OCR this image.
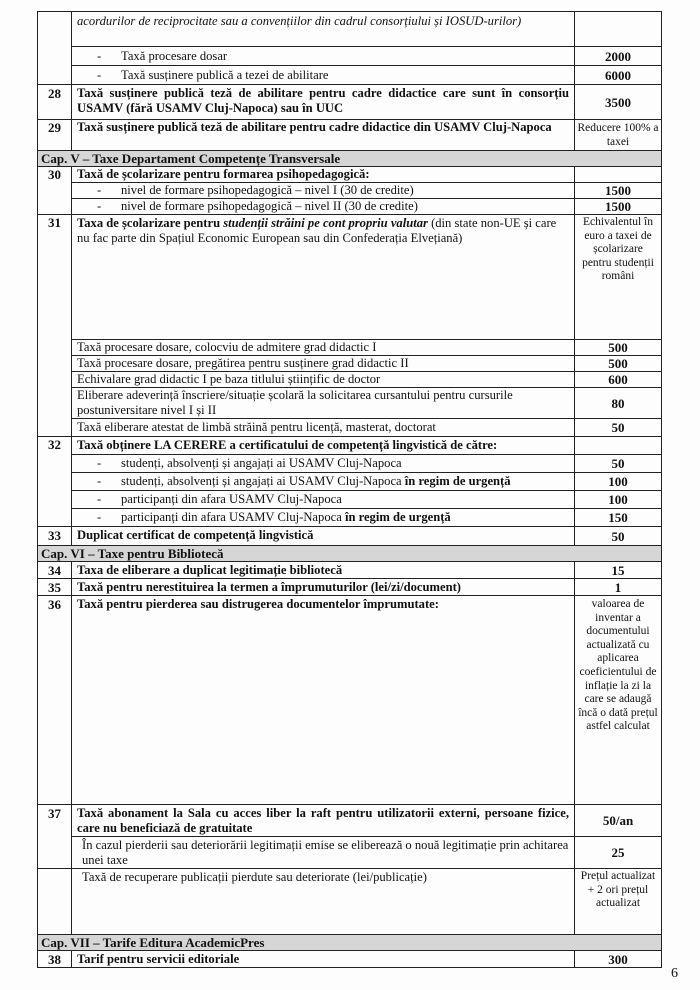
	acordurilor de reciprocitate sau a convențiilor din cadrul consorțiului și IOSUD-urilor)	
	- Taxă procesare dosar	2000
	- Taxă susținere publică a tezei de abilitare	6000
28	Taxă susținere publică teză de abilitare pentru cadre didactice care sunt în consorțiu USAMV (fără USAMV Cluj-Napoca) sau în UUC	3500
29	Taxă susținere publică teză de abilitare pentru cadre didactice din USAMV Cluj-Napoca	Reducere 100% a taxei
Cap. V – Taxe Departament Competențe Transversale		
30	Taxă de școlarizare pentru formarea psihopedagogică:	
	- nivel de formare psihopedagogică – nivel I (30 de credite)	1500
	- nivel de formare psihopedagogică – nivel II (30 de credite)	1500
31	Taxa de școlarizare pentru studenții străini pe cont propriu valutar (din state non-UE și care nu fac parte din Spațiul Economic European sau din Confederația Elvețiană)	Echivalentul în euro a taxei de școlarizare pentru studenții români
	Taxă procesare dosare, colocviu de admitere grad didactic I	500
	Taxă procesare dosare, pregătirea pentru susținere grad didactic II	500
	Echivalare grad didactic I pe baza titlului științific de doctor	600
	Eliberare adeverință înscriere/situație școlară la solicitarea cursantului pentru cursurile postuniversitare nivel I și II	80
	Taxă eliberare atestat de limbă străină pentru licență, masterat, doctorat	50
32	Taxă obținere LA CERERE a certificatului de competență lingvistică de către:	
	- studenți, absolvenți și angajați ai USAMV Cluj-Napoca	50
	- studenți, absolvenți și angajați ai USAMV Cluj-Napoca în regim de urgență	100
	- participanți din afara USAMV Cluj-Napoca	100
	- participanți din afara USAMV Cluj-Napoca în regim de urgență	150
33	Duplicat certificat de competență lingvistică	50
Cap. VI – Taxe pentru Bibliotecă		
34	Taxa de eliberare a duplicat legitimație bibliotecă	15
35	Taxă pentru nerestituirea la termen a împrumuturilor (lei/zi/document)	1
36	Taxă pentru pierderea sau distrugerea documentelor împrumutate:	valoarea de inventar a documentului actualizată cu aplicarea coeficientului de inflație la zi la care se adaugă încă o dată prețul astfel calculat
37	Taxă abonament la Sala cu acces liber la raft pentru utilizatorii externi, persoane fizice, care nu beneficiază de gratuitate	50/an
	În cazul pierderii sau deteriorării legitimații emise se eliberează o nouă legitimație prin achitarea unei taxe	25
	Taxă de recuperare publicații pierdute sau deteriorate (lei/publicație)	Prețul actualizat + 2 ori prețul actualizat
Cap. VII – Tarife Editura AcademicPres		
38	Tarif pentru servicii editoriale	300
6
